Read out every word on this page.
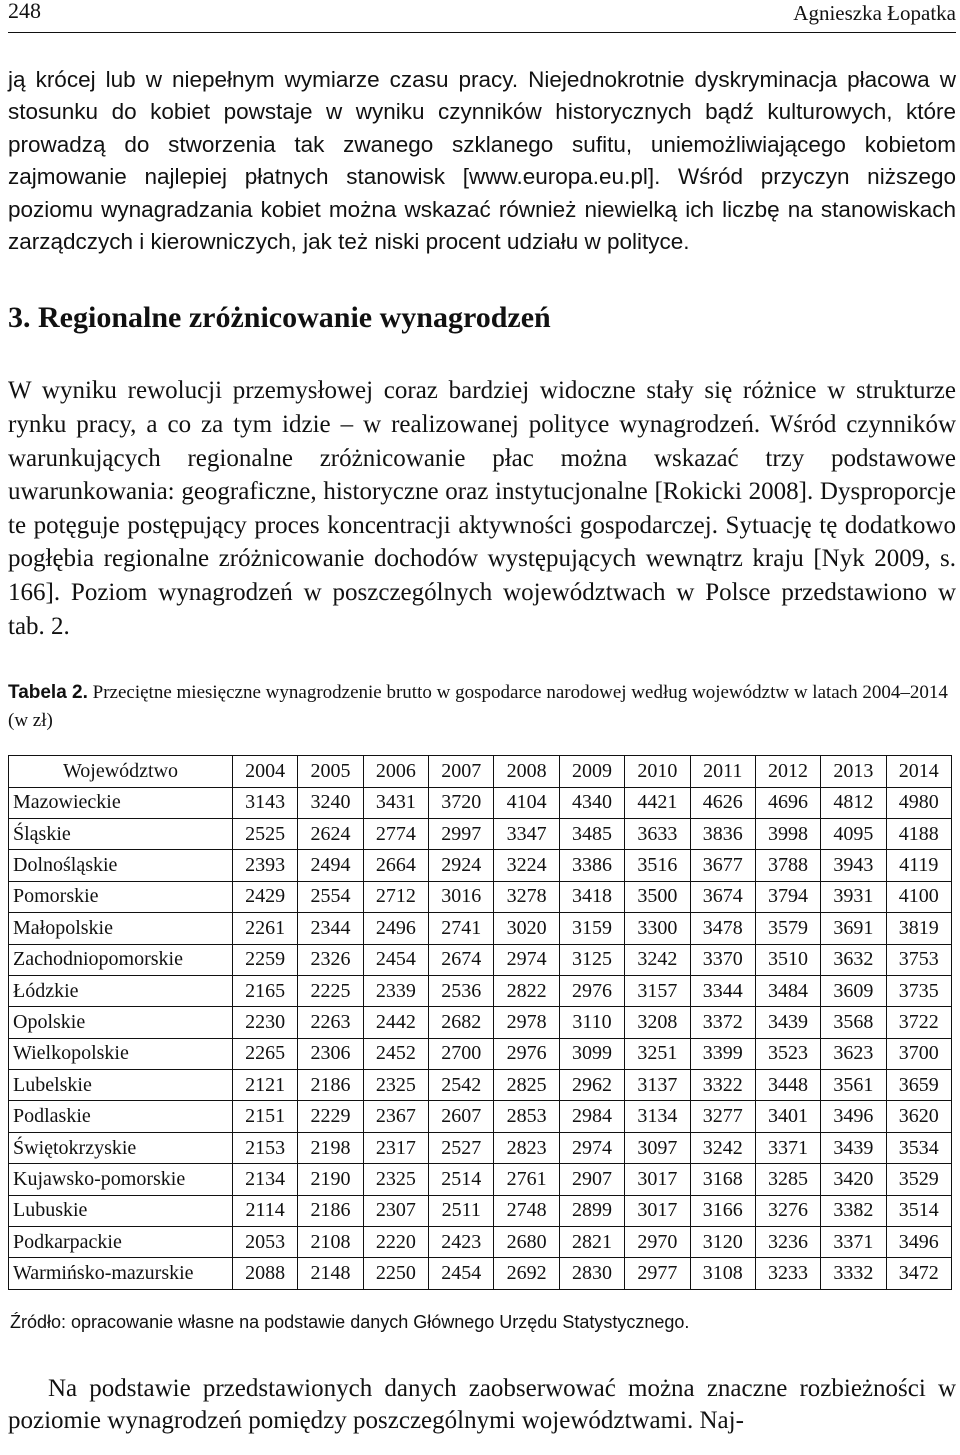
248	Agnieszka Łopatka

ją krócej lub w niepełnym wymiarze czasu pracy. Niejednokrotnie dyskryminacja płacowa w stosunku do kobiet powstaje w wyniku czynników historycznych bądź kulturowych, które prowadzą do stworzenia tak zwanego szklanego sufitu, uniemożliwiającego kobietom zajmowanie najlepiej płatnych stanowisk [www.europa.eu.pl]. Wśród przyczyn niższego poziomu wynagradzania kobiet można wskazać również niewielką ich liczbę na stanowiskach zarządczych i kierowniczych, jak też niski procent udziału w polityce.

3. Regionalne zróżnicowanie wynagrodzeń

W wyniku rewolucji przemysłowej coraz bardziej widoczne stały się różnice w strukturze rynku pracy, a co za tym idzie – w realizowanej polityce wynagrodzeń. Wśród czynników warunkujących regionalne zróżnicowanie płac można wskazać trzy podstawowe uwarunkowania: geograficzne, historyczne oraz instytucjonalne [Rokicki 2008]. Dysproporcje te potęguje postępujący proces koncentracji aktywności gospodarczej. Sytuację tę dodatkowo pogłębia regionalne zróżnicowanie dochodów występujących wewnątrz kraju [Nyk 2009, s. 166]. Poziom wynagrodzeń w poszczególnych województwach w Polsce przedstawiono w tab. 2.

Tabela 2. Przeciętne miesięczne wynagrodzenie brutto w gospodarce narodowej według województw w latach 2004–2014 (w zł)
Województwo	2004	2005	2006	2007	2008	2009	2010	2011	2012	2013	2014
Mazowieckie	3143	3240	3431	3720	4104	4340	4421	4626	4696	4812	4980
Śląskie	2525	2624	2774	2997	3347	3485	3633	3836	3998	4095	4188
Dolnośląskie	2393	2494	2664	2924	3224	3386	3516	3677	3788	3943	4119
Pomorskie	2429	2554	2712	3016	3278	3418	3500	3674	3794	3931	4100
Małopolskie	2261	2344	2496	2741	3020	3159	3300	3478	3579	3691	3819
Zachodniopomorskie	2259	2326	2454	2674	2974	3125	3242	3370	3510	3632	3753
Łódzkie	2165	2225	2339	2536	2822	2976	3157	3344	3484	3609	3735
Opolskie	2230	2263	2442	2682	2978	3110	3208	3372	3439	3568	3722
Wielkopolskie	2265	2306	2452	2700	2976	3099	3251	3399	3523	3623	3700
Lubelskie	2121	2186	2325	2542	2825	2962	3137	3322	3448	3561	3659
Podlaskie	2151	2229	2367	2607	2853	2984	3134	3277	3401	3496	3620
Świętokrzyskie	2153	2198	2317	2527	2823	2974	3097	3242	3371	3439	3534
Kujawsko-pomorskie	2134	2190	2325	2514	2761	2907	3017	3168	3285	3420	3529
Lubuskie	2114	2186	2307	2511	2748	2899	3017	3166	3276	3382	3514
Podkarpackie	2053	2108	2220	2423	2680	2821	2970	3120	3236	3371	3496
Warmińsko-mazurskie	2088	2148	2250	2454	2692	2830	2977	3108	3233	3332	3472
Źródło: opracowanie własne na podstawie danych Głównego Urzędu Statystycznego.

Na podstawie przedstawionych danych zaobserwować można znaczne rozbieżności w poziomie wynagrodzeń pomiędzy poszczególnymi województwami. Naj-
